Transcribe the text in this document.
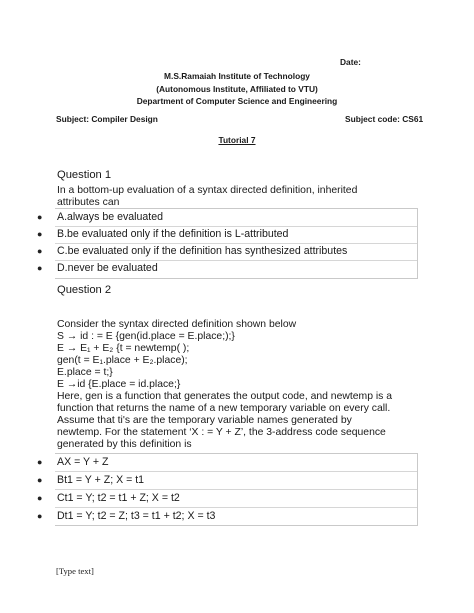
Date:
M.S.Ramaiah Institute of Technology
(Autonomous Institute, Affiliated to VTU)
Department of Computer Science and Engineering
Subject: Compiler Design	Subject code: CS61
Tutorial 7
Question 1
In a bottom-up evaluation of a syntax directed definition, inherited
attributes can
● A.always be evaluated
● B.be evaluated only if the definition is L-attributed
● C.be evaluated only if the definition has synthesized attributes
● D.never be evaluated
Question 2
Consider the syntax directed definition shown below
S → id : = E {gen(id.place = E.place;);}
E → E₁ + E₂ {t = newtemp( );
gen(t = E₁.place + E₂.place);
E.place = t;}
E →id {E.place = id.place;}
Here, gen is a function that generates the output code, and newtemp is a
function that returns the name of a new temporary variable on every call.
Assume that ti's are the temporary variable names generated by
newtemp. For the statement ‘X : = Y + Z’, the 3-address code sequence
generated by this definition is
● AX = Y + Z
● Bt1 = Y + Z; X = t1
● Ct1 = Y; t2 = t1 + Z; X = t2
● Dt1 = Y; t2 = Z; t3 = t1 + t2; X = t3
[Type text]
